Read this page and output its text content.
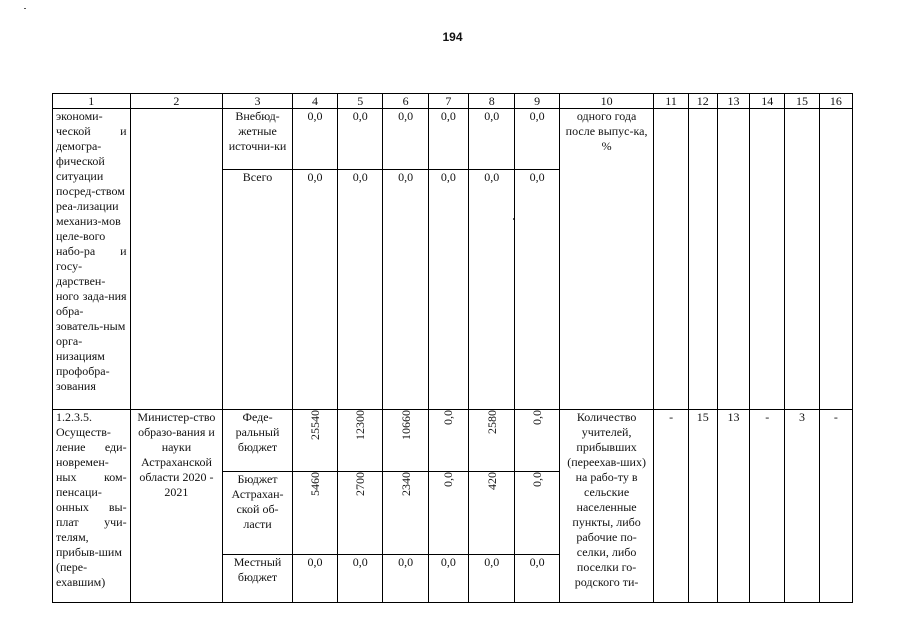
194
1	2	3	4	5	6	7	8	9	10	11	12	13	14	15	16
экономи-ческой и демогра-фической ситуации посред-ством реа-лизации механиз-мов целе-вого набо-ра и госу-дарствен-ного зада-ния обра-зователь-ным орга-низациям профобра-зования		Внебюд-жетные источни-ки	0,0	0,0	0,0	0,0	0,0	0,0	одного года после выпус-ка, %						
		Всего	0,0	0,0	0,0	0,0	0,0	0,0							
1.2.3.5. Осуществ-ление еди-новремен-ных ком-пенсаци-онных вы-плат учи-телям, прибыв-шим (пере-ехавшим)	Министер-ство образо-вания и науки Астраханской области 2020 - 2021	Феде-ральный бюджет	25540	12300	10660	0,0	2580	0,0	Количество учителей, прибывших (переехав-ших) на рабо-ту в сельские населенные пункты, либо рабочие по-селки, либо поселки го-родского ти-	-	15	13	-	3	-
		Бюджет Астрахан-ской об-ласти	5460	2700	2340	0,0	420	0,0							
		Местный бюджет	0,0	0,0	0,0	0,0	0,0	0,0							
